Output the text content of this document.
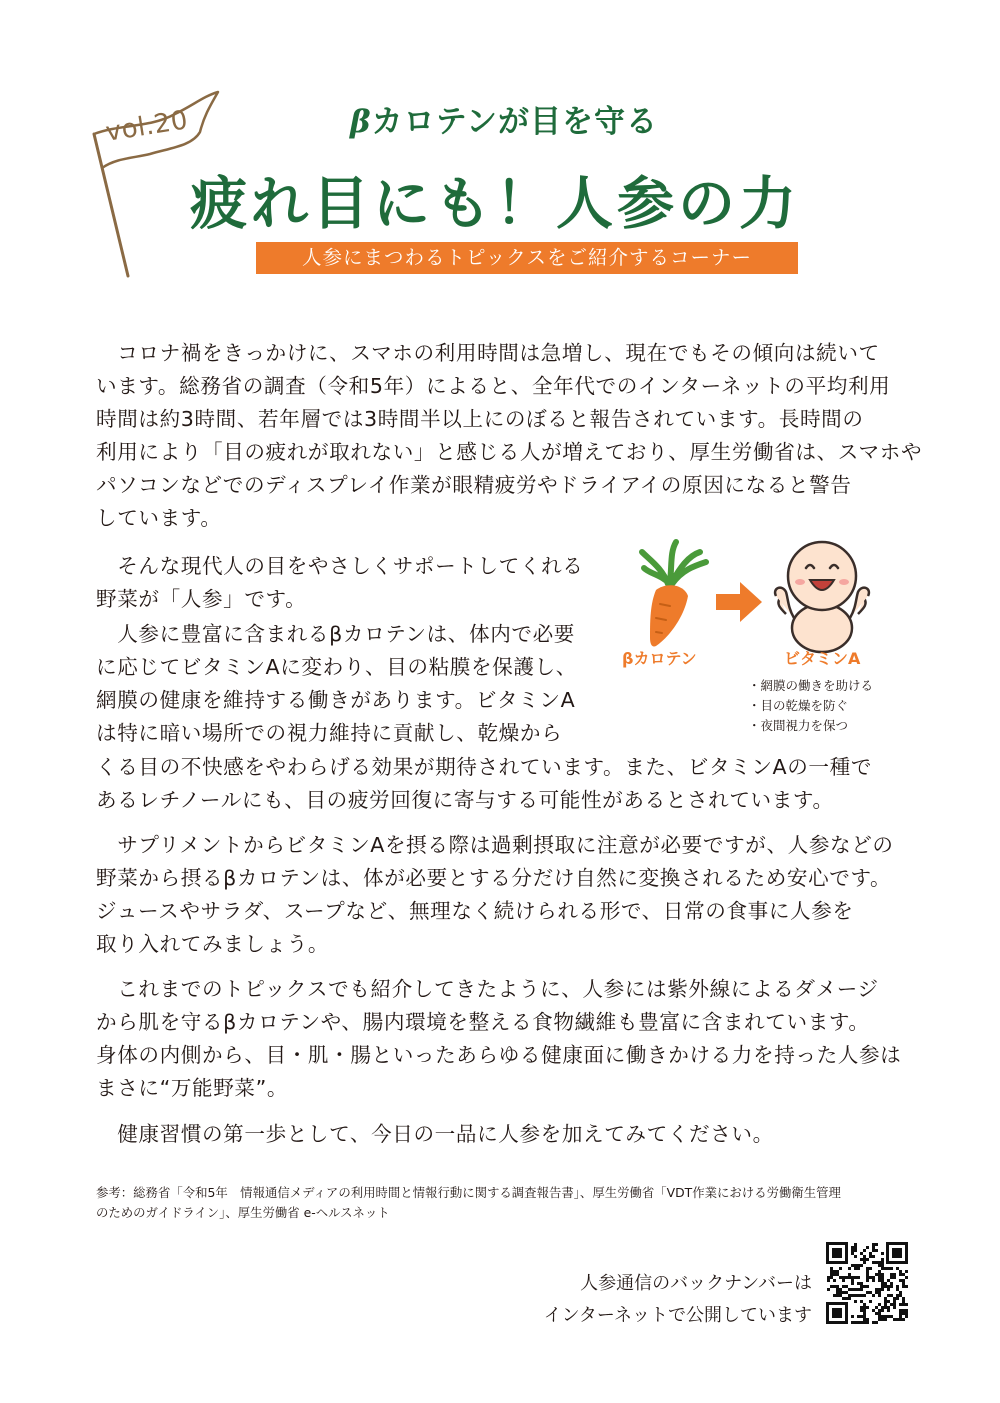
vol.20	βカロテンが目を守る
疲れ目にも！人参の力
人参にまつわるトピックスをご紹介するコーナー

　コロナ禍をきっかけに、スマホの利用時間は急増し、現在でもその傾向は続いて
います。総務省の調査（令和5年）によると、全年代でのインターネットの平均利用
時間は約3時間、若年層では3時間半以上にのぼると報告されています。長時間の
利用により「目の疲れが取れない」と感じる人が増えており、厚生労働省は、スマホや
パソコンなどでのディスプレイ作業が眼精疲労やドライアイの原因になると警告
しています。

　そんな現代人の目をやさしくサポートしてくれる
野菜が「人参」です。

　人参に豊富に含まれるβカロテンは、体内で必要
に応じてビタミンAに変わり、目の粘膜を保護し、
網膜の健康を維持する働きがあります。ビタミンA
は特に暗い場所での視力維持に貢献し、乾燥から

くる目の不快感をやわらげる効果が期待されています。また、ビタミンAの一種で
あるレチノールにも、目の疲労回復に寄与する可能性があるとされています。

　サプリメントからビタミンAを摂る際は過剰摂取に注意が必要ですが、人参などの
野菜から摂るβカロテンは、体が必要とする分だけ自然に変換されるため安心です。
ジュースやサラダ、スープなど、無理なく続けられる形で、日常の食事に人参を
取り入れてみましょう。

　これまでのトピックスでも紹介してきたように、人参には紫外線によるダメージ
から肌を守るβカロテンや、腸内環境を整える食物繊維も豊富に含まれています。
身体の内側から、目・肌・腸といったあらゆる健康面に働きかける力を持った人参は
まさに“万能野菜”。

　健康習慣の第一歩として、今日の一品に人参を加えてみてください。

βカロテン	ビタミンA
・網膜の働きを助ける
・目の乾燥を防ぐ
・夜間視力を保つ

参考：総務省「令和5年　情報通信メディアの利用時間と情報行動に関する調査報告書」、厚生労働省「VDT作業における労働衛生管理
のためのガイドライン」、厚生労働省 e-ヘルスネット

人参通信のバックナンバーは
インターネットで公開しています
